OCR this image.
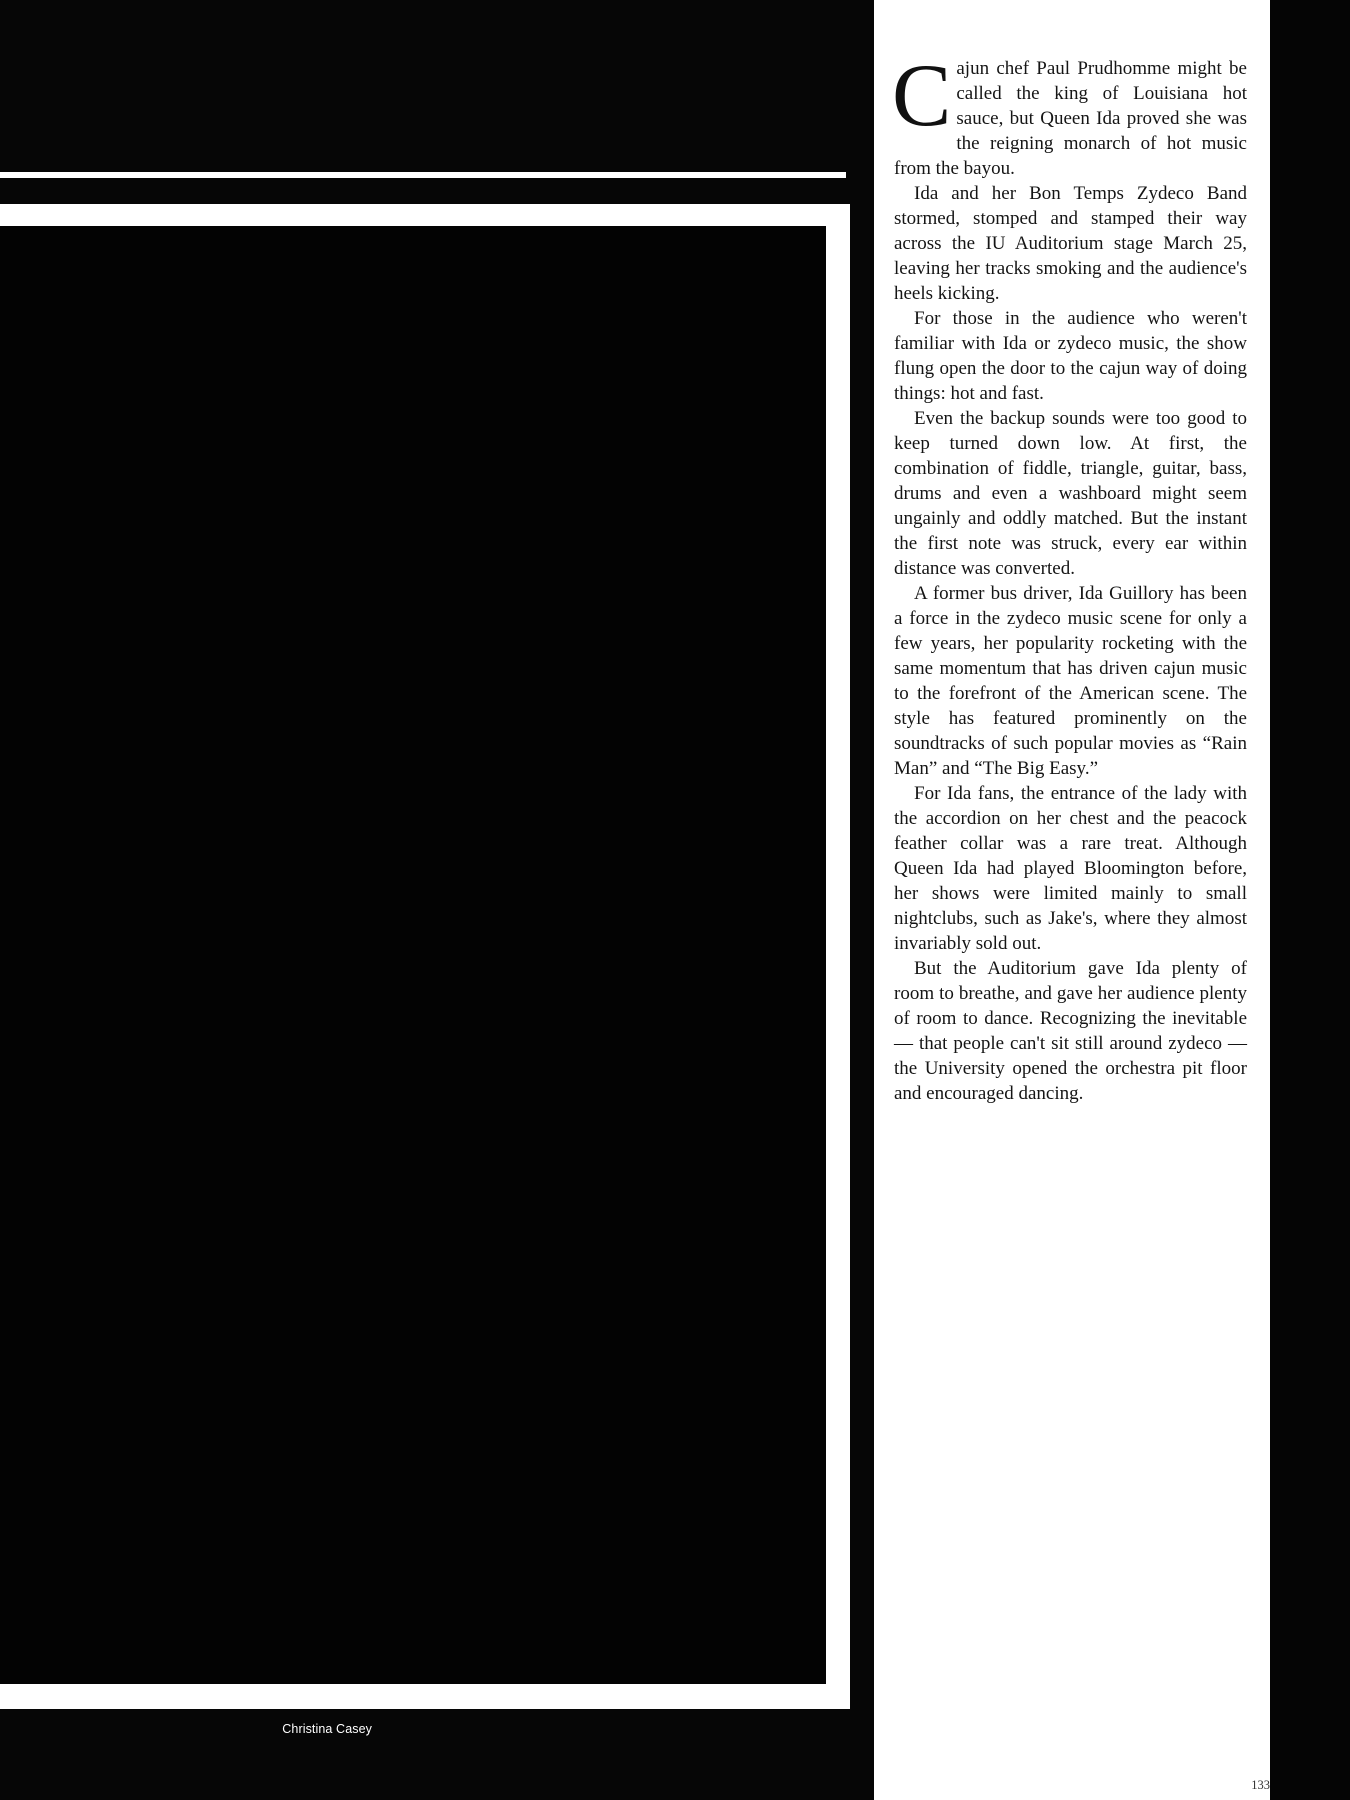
Christina Casey

Cajun chef Paul Prudhomme might be called the king of Louisiana hot sauce, but Queen Ida proved she was the reigning monarch of hot music from the bayou.

Ida and her Bon Temps Zydeco Band stormed, stomped and stamped their way across the IU Auditorium stage March 25, leaving her tracks smoking and the audience's heels kicking.

For those in the audience who weren't familiar with Ida or zydeco music, the show flung open the door to the cajun way of doing things: hot and fast.

Even the backup sounds were too good to keep turned down low. At first, the combination of fiddle, triangle, guitar, bass, drums and even a washboard might seem ungainly and oddly matched. But the instant the first note was struck, every ear within distance was converted.

A former bus driver, Ida Guillory has been a force in the zydeco music scene for only a few years, her popularity rocketing with the same momentum that has driven cajun music to the forefront of the American scene. The style has featured prominently on the soundtracks of such popular movies as “Rain Man” and “The Big Easy.”

For Ida fans, the entrance of the lady with the accordion on her chest and the peacock feather collar was a rare treat. Although Queen Ida had played Bloomington before, her shows were limited mainly to small nightclubs, such as Jake's, where they almost invariably sold out.

But the Auditorium gave Ida plenty of room to breathe, and gave her audience plenty of room to dance. Recognizing the inevitable — that people can't sit still around zydeco — the University opened the orchestra pit floor and encouraged dancing.

133
